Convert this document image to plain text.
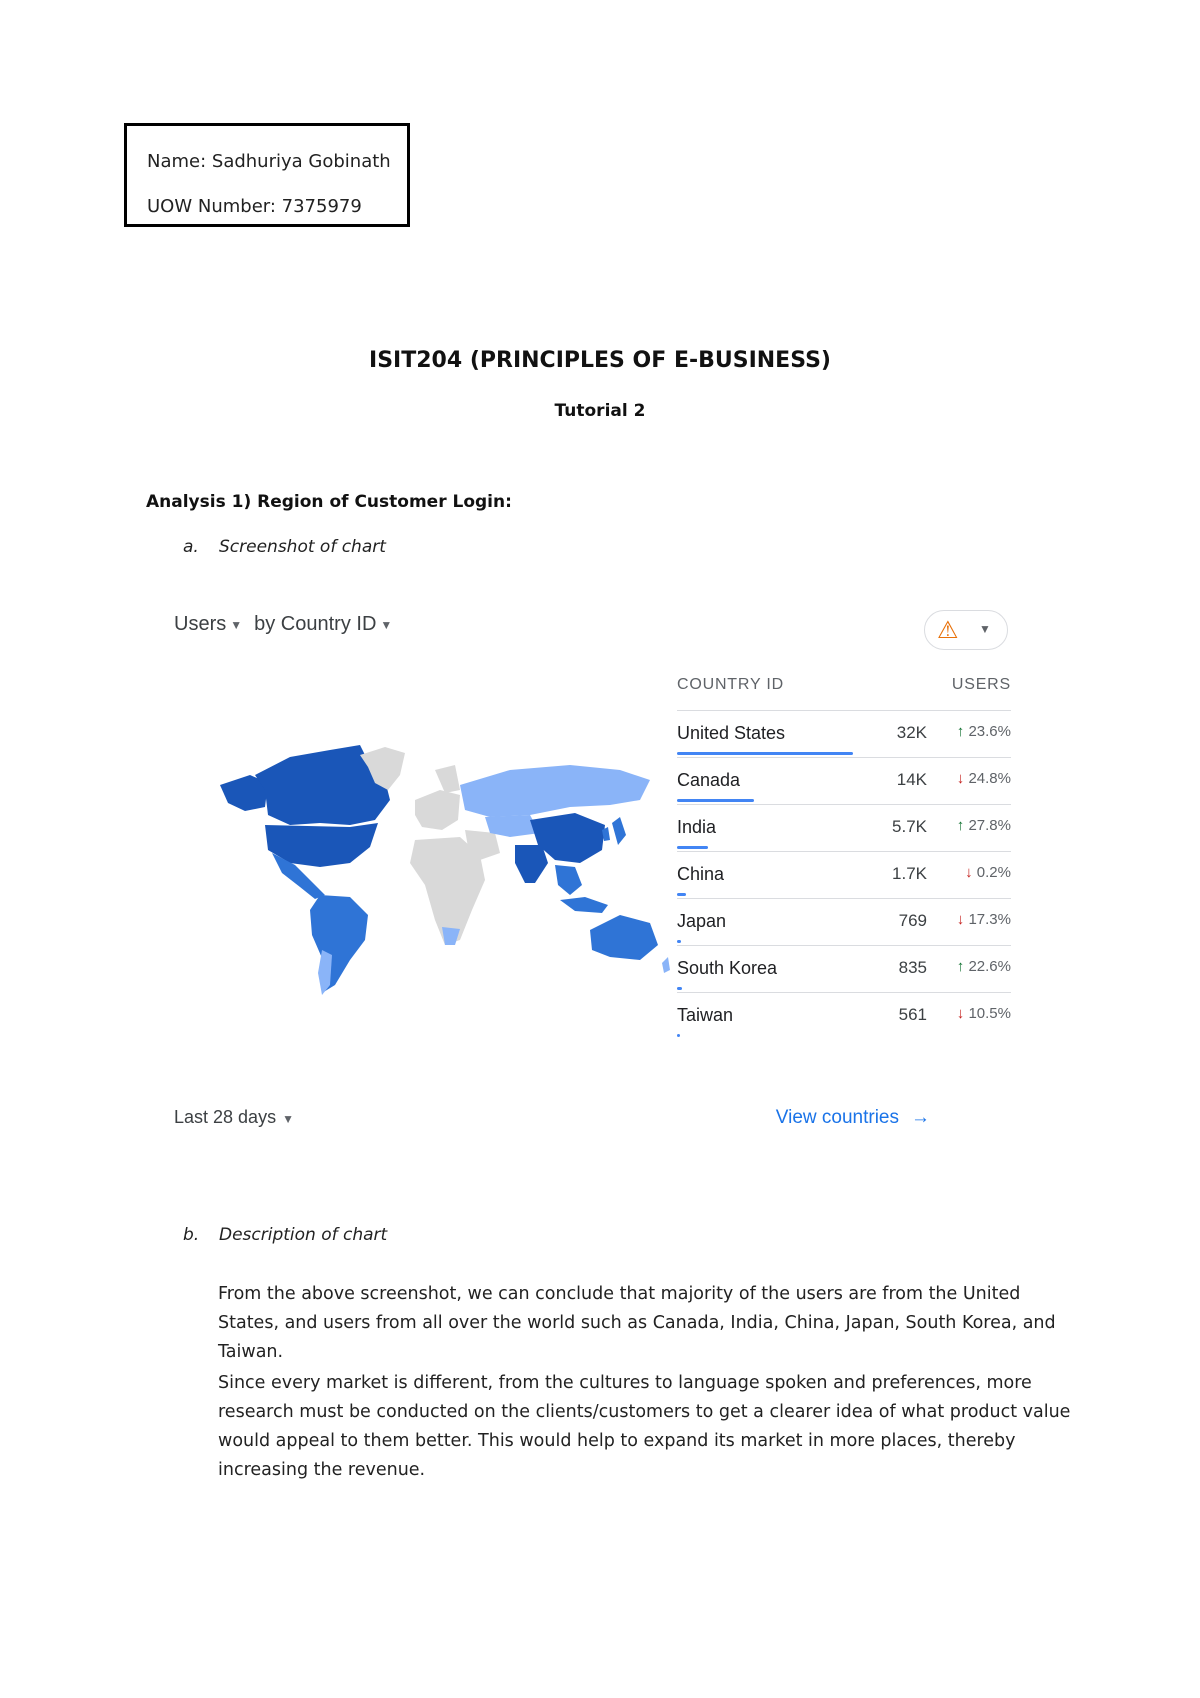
Name: Sadhuriya Gobinath
UOW Number: 7375979
ISIT204 (PRINCIPLES OF E-BUSINESS)
Tutorial 2
Analysis 1) Region of Customer Login:
a. Screenshot of chart
Users ▼ by Country ID ▼	⚠ ▼
COUNTRY ID	USERS
United States	32K ↑ 23.6%
Canada	14K ↓ 24.8%
India	5.7K ↑ 27.8%
China	1.7K	↓ 0.2%
Japan	769 ↓ 17.3%
South Korea	835 ↑ 22.6%
Taiwan	561 ↓ 10.5%
Last 28 days ▼	View countries →
b. Description of chart

From the above screenshot, we can conclude that majority of the users are from the United States, and users from all over the world such as Canada, India, China, Japan, South Korea, and Taiwan.

Since every market is different, from the cultures to language spoken and preferences, more research must be conducted on the clients/customers to get a clearer idea of what product value would appeal to them better. This would help to expand its market in more places, thereby increasing the revenue.
